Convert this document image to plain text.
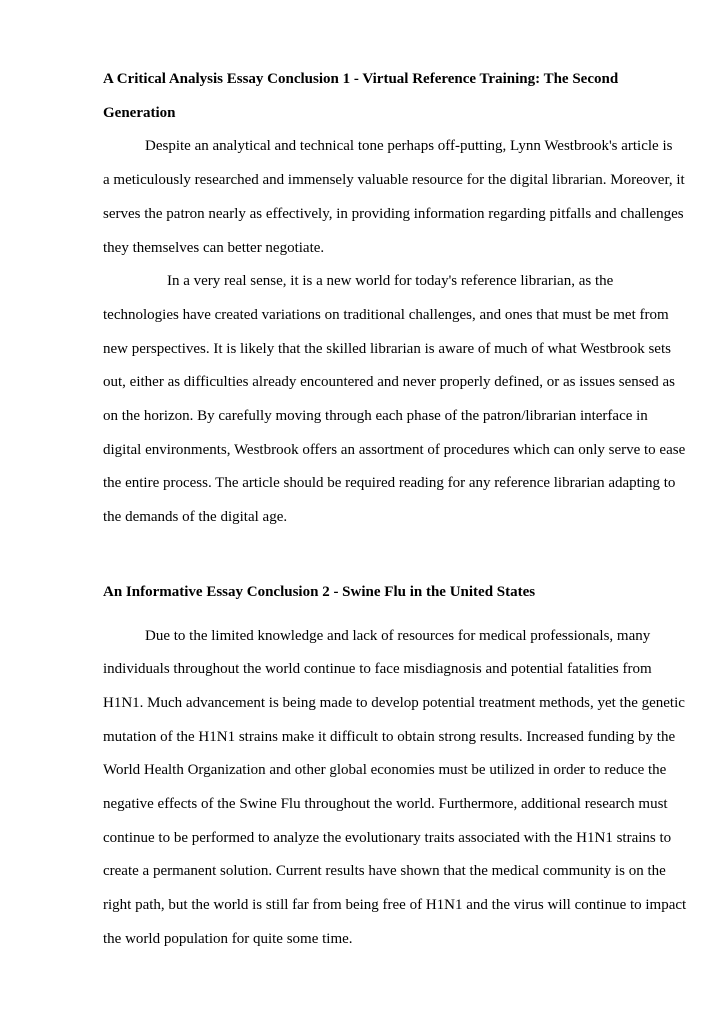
A Critical Analysis Essay Conclusion 1 - Virtual Reference Training: The Second
Generation
Despite an analytical and technical tone perhaps off-putting, Lynn Westbrook's article is
a meticulously researched and immensely valuable resource for the digital librarian. Moreover, it
serves the patron nearly as effectively, in providing information regarding pitfalls and challenges
they themselves can better negotiate.
In a very real sense, it is a new world for today's reference librarian, as the
technologies have created variations on traditional challenges, and ones that must be met from
new perspectives. It is likely that the skilled librarian is aware of much of what Westbrook sets
out, either as difficulties already encountered and never properly defined, or as issues sensed as
on the horizon. By carefully moving through each phase of the patron/librarian interface in
digital environments, Westbrook offers an assortment of procedures which can only serve to ease
the entire process. The article should be required reading for any reference librarian adapting to
the demands of the digital age.
An Informative Essay Conclusion 2 - Swine Flu in the United States
Due to the limited knowledge and lack of resources for medical professionals, many
individuals throughout the world continue to face misdiagnosis and potential fatalities from
H1N1. Much advancement is being made to develop potential treatment methods, yet the genetic
mutation of the H1N1 strains make it difficult to obtain strong results. Increased funding by the
World Health Organization and other global economies must be utilized in order to reduce the
negative effects of the Swine Flu throughout the world. Furthermore, additional research must
continue to be performed to analyze the evolutionary traits associated with the H1N1 strains to
create a permanent solution. Current results have shown that the medical community is on the
right path, but the world is still far from being free of H1N1 and the virus will continue to impact
the world population for quite some time.
